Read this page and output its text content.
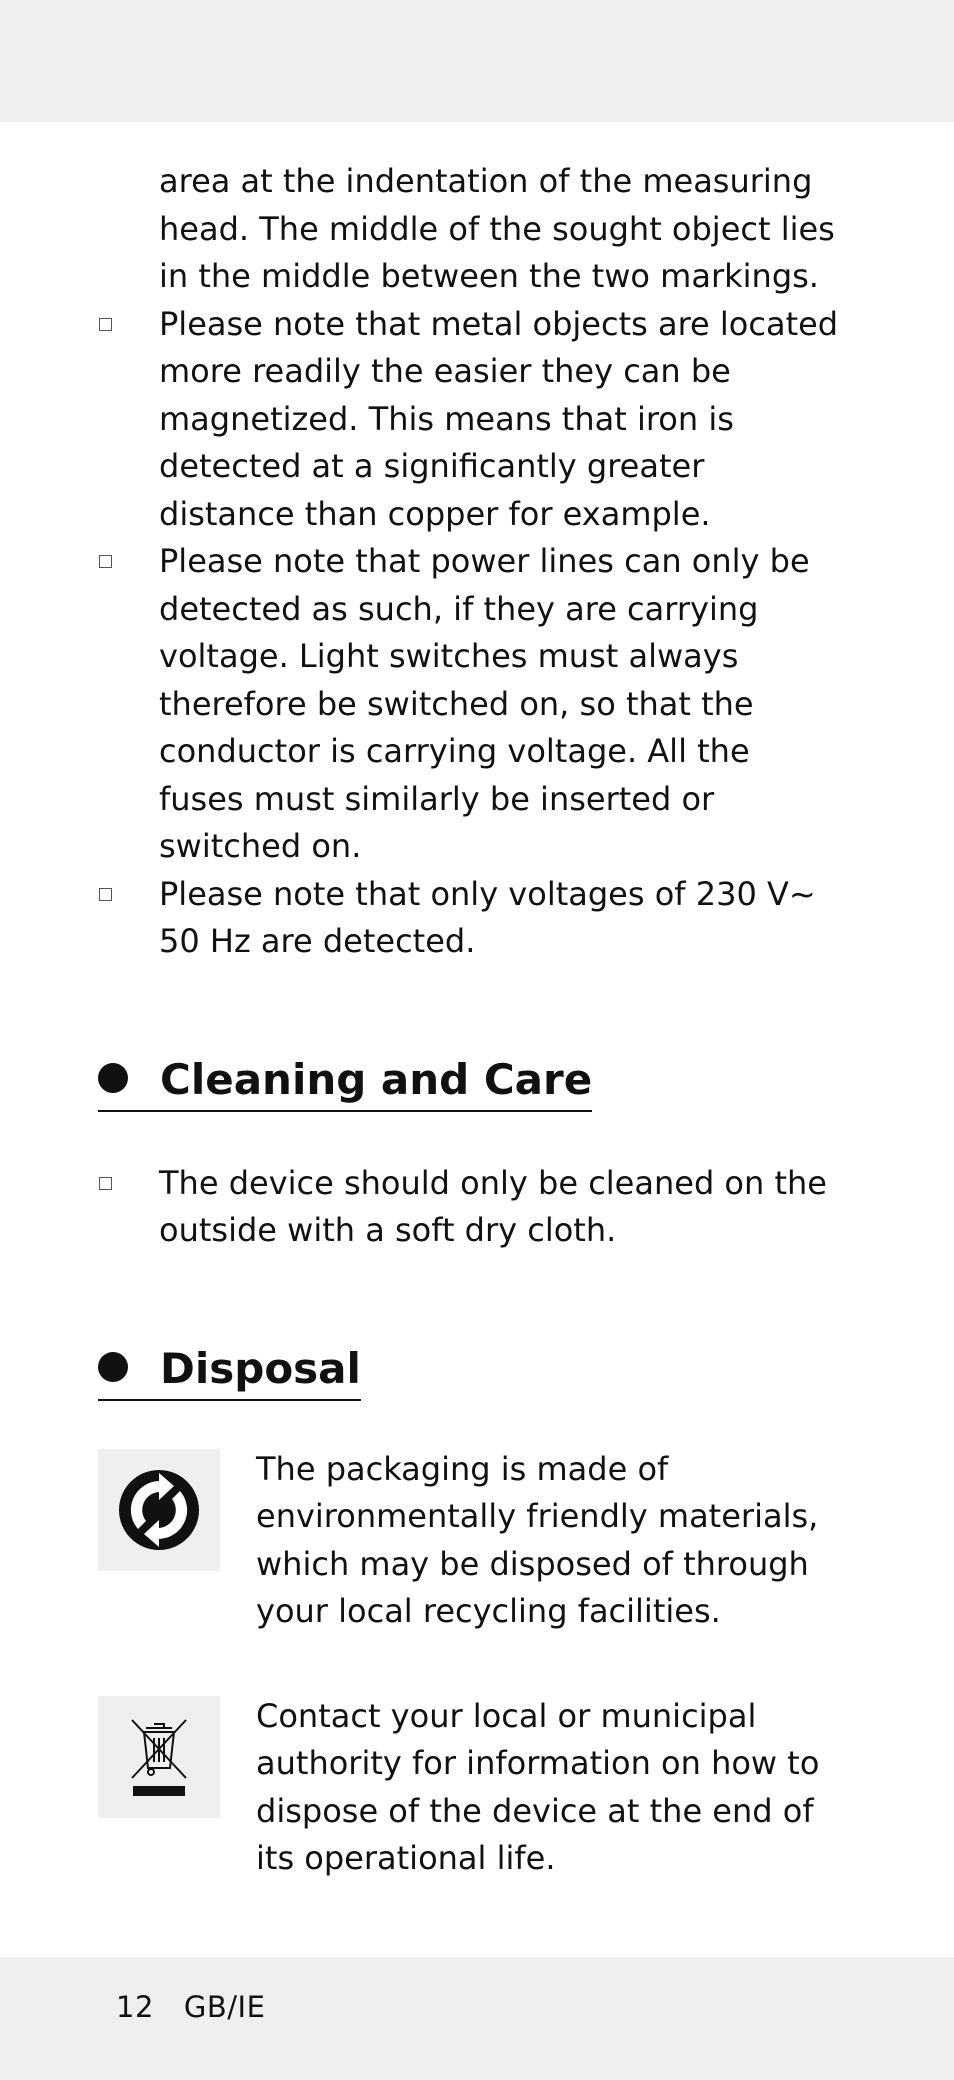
area at the indentation of the measuring head. The middle of the sought object lies in the middle between the two markings.
Please note that metal objects are located more readily the easier they can be magnetized. This means that iron is detected at a significantly greater distance than copper for example.
Please note that power lines can only be detected as such, if they are carrying voltage. Light switches must always therefore be switched on, so that the conductor is carrying voltage. All the fuses must similarly be inserted or switched on.
Please note that only voltages of 230 V~ 50 Hz are detected.
Cleaning and Care
The device should only be cleaned on the outside with a soft dry cloth.
Disposal
The packaging is made of environmentally friendly materials, which may be disposed of through your local recycling facilities.
Contact your local or municipal authority for information on how to dispose of the device at the end of its operational life.
12 GB/IE
